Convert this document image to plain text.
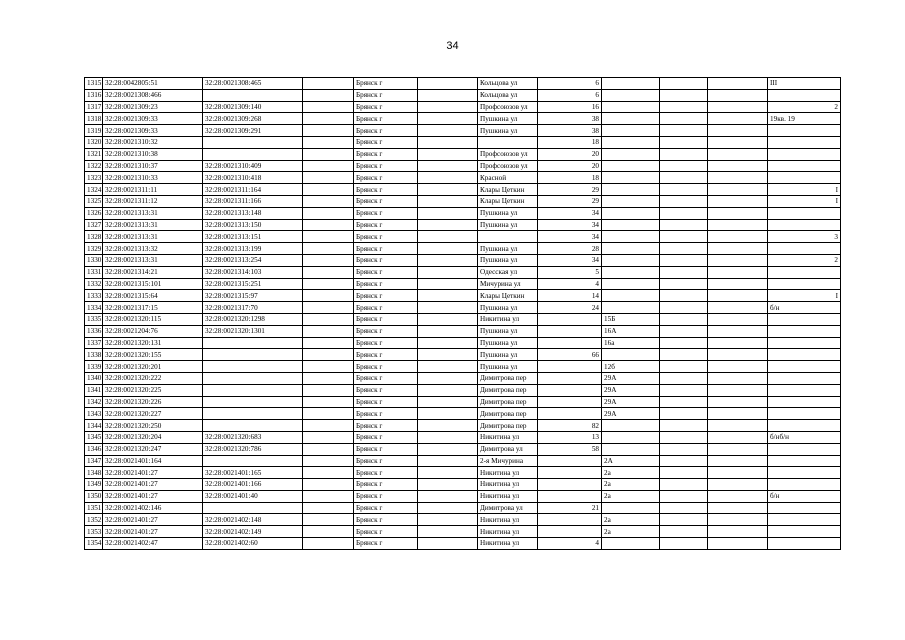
34
1315	32:28:0042805:51	32:28:0021308:465		Брянск г		Кольцова ул	6				III
1316	32:28:0021308:466			Брянск г		Кольцова ул	6				
1317	32:28:0021309:23	32:28:0021309:140		Брянск г		Профсоюзов ул	16				2
1318	32:28:0021309:33	32:28:0021309:268		Брянск г		Пушкина ул	38				19кв. 19
1319	32:28:0021309:33	32:28:0021309:291		Брянск г		Пушкина ул	38				
1320	32:28:0021310:32			Брянск г			18				
1321	32:28:0021310:38			Брянск г		Профсоюзов ул	20				
1322	32:28:0021310:37	32:28:0021310:409		Брянск г		Профсоюзов ул	20				
1323	32:28:0021310:33	32:28:0021310:418		Брянск г		Красной	18				
1324	32:28:0021311:11	32:28:0021311:164		Брянск г		Клары Цеткин	29				I
1325	32:28:0021311:12	32:28:0021311:166		Брянск г		Клары Цеткин	29				I
1326	32:28:0021313:31	32:28:0021313:148		Брянск г		Пушкина ул	34				
1327	32:28:0021313:31	32:28:0021313:150		Брянск г		Пушкина ул	34				
1328	32:28:0021313:31	32:28:0021313:151		Брянск г			34				3
1329	32:28:0021313:32	32:28:0021313:199		Брянск г		Пушкина ул	28				
1330	32:28:0021313:31	32:28:0021313:254		Брянск г		Пушкина ул	34				2
1331	32:28:0021314:21	32:28:0021314:103		Брянск г		Одесская ул	5				
1332	32:28:0021315:101	32:28:0021315:251		Брянск г		Мичурина ул	4				
1333	32:28:0021315:64	32:28:0021315:97		Брянск г		Клары Цеткин	14				I
1334	32:28:0021317:15	32:28:0021317:70		Брянск г		Пушкина ул	24				б/н
1335	32:28:0021320:115	32:28:0021320:1298		Брянск г		Никитина ул		15Б			
1336	32:28:0021204:76	32:28:0021320:1301		Брянск г		Пушкина ул		16А			
1337	32:28:0021320:131			Брянск г		Пушкина ул		16а			
1338	32:28:0021320:155			Брянск г		Пушкина ул	66				
1339	32:28:0021320:201			Брянск г		Пушкина ул		12б			
1340	32:28:0021320:222			Брянск г		Димитрова пер		29А			
1341	32:28:0021320:225			Брянск г		Димитрова пер		29А			
1342	32:28:0021320:226			Брянск г		Димитрова пер		29А			
1343	32:28:0021320:227			Брянск г		Димитрова пер		29А			
1344	32:28:0021320:250			Брянск г		Димитрова пер	82				
1345	32:28:0021320:204	32:28:0021320:683		Брянск г		Никитина ул	13				б/нб/н
1346	32:28:0021320:247	32:28:0021320:786		Брянск г		Димитрова ул	58				
1347	32:28:0021401:164			Брянск г		2-я Мичурина		2А			
1348	32:28:0021401:27	32:28:0021401:165		Брянск г		Никитина ул		2а			
1349	32:28:0021401:27	32:28:0021401:166		Брянск г		Никитина ул		2а			
1350	32:28:0021401:27	32:28:0021401:40		Брянск г		Никитина ул		2а			б/н
1351	32:28:0021402:146			Брянск г		Димитрова ул	21				
1352	32:28:0021401:27	32:28:0021402:148		Брянск г		Никитина ул		2а			
1353	32:28:0021401:27	32:28:0021402:149		Брянск г		Никитина ул		2а			
1354	32:28:0021402:47	32:28:0021402:60		Брянск г		Никитина ул	4				
